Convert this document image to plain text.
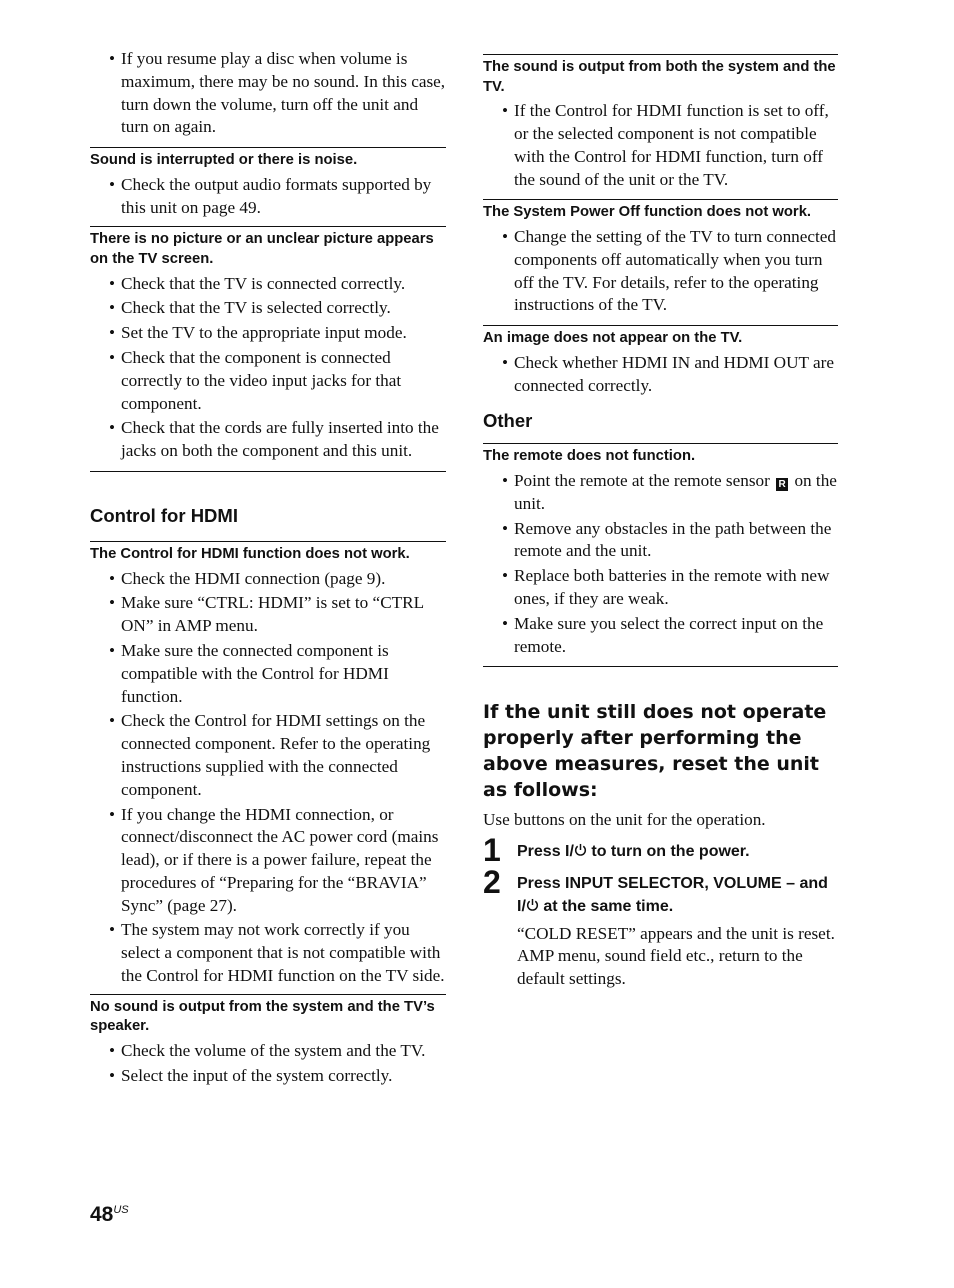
• If you resume play a disc when volume is maximum, there may be no sound. In this case, turn down the volume, turn off the unit and turn on again.
Sound is interrupted or there is noise.
• Check the output audio formats supported by this unit on page 49.
There is no picture or an unclear picture appears on the TV screen.
• Check that the TV is connected correctly.
• Check that the TV is selected correctly.
• Set the TV to the appropriate input mode.
• Check that the component is connected correctly to the video input jacks for that component.
• Check that the cords are fully inserted into the jacks on both the component and this unit.
Control for HDMI
The Control for HDMI function does not work.
• Check the HDMI connection (page 9).
• Make sure “CTRL: HDMI” is set to “CTRL ON” in AMP menu.
• Make sure the connected component is compatible with the Control for HDMI function.
• Check the Control for HDMI settings on the connected component. Refer to the operating instructions supplied with the connected component.
• If you change the HDMI connection, or connect/disconnect the AC power cord (mains lead), or if there is a power failure, repeat the procedures of “Preparing for the “BRAVIA” Sync” (page 27).
• The system may not work correctly if you select a component that is not compatible with the Control for HDMI function on the TV side.
No sound is output from the system and the TV’s speaker.
• Check the volume of the system and the TV.
• Select the input of the system correctly.
The sound is output from both the system and the TV.
• If the Control for HDMI function is set to off, or the selected component is not compatible with the Control for HDMI function, turn off the sound of the unit or the TV.
The System Power Off function does not work.
• Change the setting of the TV to turn connected components off automatically when you turn off the TV. For details, refer to the operating instructions of the TV.
An image does not appear on the TV.
• Check whether HDMI IN and HDMI OUT are connected correctly.
Other
The remote does not function.
• Point the remote at the remote sensor R on the unit.
• Remove any obstacles in the path between the remote and the unit.
• Replace both batteries in the remote with new ones, if they are weak.
• Make sure you select the correct input on the remote.
If the unit still does not operate properly after performing the above measures, reset the unit as follows:
Use buttons on the unit for the operation.
1 Press I/ to turn on the power.
2 Press INPUT SELECTOR, VOLUME – and I/ at the same time.
“COLD RESET” appears and the unit is reset. AMP menu, sound field etc., return to the default settings.
$48^{US}$
